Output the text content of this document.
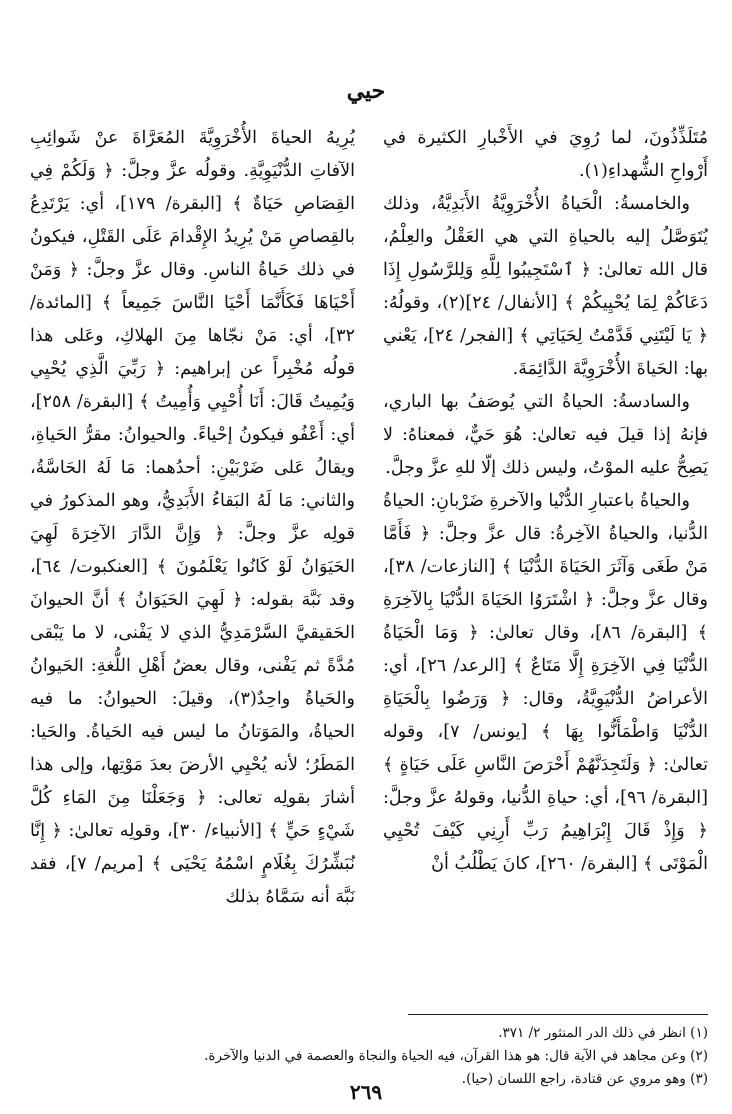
حيي

مُتَلَذِّذُونَ، لما رُوِيَ في الأَخْبارِ الكثيرة في أَرْواحِ الشُّهداءِ(١).

والخامسةُ: الْحَياةُ الأُخْرَوِيَّةُ الأَبَدِيَّةُ، وذلك يُتَوَصَّلُ إليه بالحياةِ التي هي العَقْلُ والعِلْمُ، قال الله تعالىٰ: ﴿ ٱسْتَجِيبُوا لِلَّهِ وَلِلرَّسُولِ إِذَا دَعَاكُمْ لِمَا يُحْيِيكُمْ ﴾ [الأنفال/ ٢٤](٢)، وقولُهُ: ﴿ يَا لَيْتَنِي قَدَّمْتُ لِحَيَاتِي ﴾ [الفجر/ ٢٤]، يَعْني بها: الحَياةَ الأُخْرَوِيَّةَ الدَّائِمَةَ.

والسادسةُ: الحياةُ التي يُوصَفُ بها الباري، فإنهُ إذا قيلَ فيه تعالىٰ: هُوَ حَيٌّ، فمعناهُ: لا يَصِحُّ عليه الموْتُ، وليس ذلك إلّا للهِ عزَّ وجلَّ.

والحياةُ باعتبارِ الدُّنْيا والآخرةِ ضَرْبانِ: الحياةُ الدُّنيا، والحياةُ الآخِرةُ: قال عزَّ وجلَّ: ﴿ فَأَمَّا مَنْ طَغَى وَآثَرَ الحَيَاةَ الدُّنْيَا ﴾ [النازعات/ ٣٨]، وقال عزَّ وجلَّ: ﴿ اشْتَرَوُا الحَيَاةَ الدُّنْيَا بِالآخِرَةِ ﴾ [البقرة/ ٨٦]، وقال تعالىٰ: ﴿ وَمَا الْحَيَاةُ الدُّنْيَا فِي الآخِرَةِ إِلَّا مَتَاعٌ ﴾ [الرعد/ ٢٦]، أي: الأعراضُ الدُّنْيَوِيَّةُ، وقال: ﴿ وَرَضُوا بِالْحَيَاةِ الدُّنْيَا وَاطْمَأَنُّوا بِهَا ﴾ [يونس/ ٧]، وقوله تعالىٰ: ﴿ وَلَتَجِدَنَّهُمْ أَحْرَصَ النَّاسِ عَلَى حَيَاةٍ ﴾ [البقرة/ ٩٦]، أي: حياةِ الدُّنيا، وقولهُ عزَّ وجلَّ: ﴿ وَإِذْ قَالَ إِبْرَاهِيمُ رَبِّ أَرِنِي كَيْفَ تُحْيِي الْمَوْتَى ﴾ [البقرة/ ٢٦٠]، كانَ يَطْلُبُ أنْ

يُرِيهُ الحياةَ الأُخْرَوِيَّةَ المُعَرَّاةَ عنْ شَوائِبِ الآفاتِ الدُّنْيَوِيَّةِ. وقولُه عزَّ وجلَّ: ﴿ وَلَكُمْ فِي القِصَاصِ حَيَاةٌ ﴾ [البقرة/ ١٧٩]، أي: يَرْتَدِعُ بالقِصاصِ مَنْ يُرِيدُ الإِقْدامَ عَلَى القَتْلِ، فيكونُ في ذلك حَياةُ الناسِ. وقال عزَّ وجلَّ: ﴿ وَمَنْ أَحْيَاهَا فَكَأَنَّمَا أَحْيَا النَّاسَ جَمِيعاً ﴾ [المائدة/ ٣٢]، أي: مَنْ نجّاها مِنَ الهلاكِ، وعَلى هذا قولُه مُخْبِراً عن إبراهيم: ﴿ رَبِّيَ الَّذِي يُحْيِي وَيُمِيتُ قَالَ: أَنَا أُحْيِي وَأُمِيتُ ﴾ [البقرة/ ٢٥٨]، أي: أَعْفُو فيكونُ إحْياءً. والحيوانُ: مقرُّ الحَياةِ، ويقالُ عَلى ضَرْبَيْنِ: أحدُهما: مَا لَهُ الحَاسَّةُ، والثاني: مَا لَهُ البَقاءُ الأَبَدِيُّ، وهو المذكورُ في قولِه عزَّ وجلَّ: ﴿ وَإِنَّ الدَّارَ الآخِرَةَ لَهِيَ الحَيَوَانُ لَوْ كَانُوا يَعْلَمُونَ ﴾ [العنكبوت/ ٦٤]، وقد نَبَّهَ بقوله: ﴿ لَهِيَ الحَيَوَانُ ﴾ أنَّ الحيوانَ الحَقيقيَّ السَّرْمَدِيُّ الذي لا يَفْنى، لا ما يَبْقى مُدَّةً ثم يَفْنى، وقال بعضُ أَهْلِ اللُّغةِ: الحَيوانُ والحَياةُ واحِدٌ(٣)، وقيلَ: الحيوانُ: ما فيه الحياةُ، والمَوَتانُ ما ليس فيه الحَياةُ. والحَيا: المَطَرُ؛ لأنه يُحْيِي الأرضَ بعدَ مَوْتِها، وإلى هذا أشارَ بقولِه تعالى: ﴿ وَجَعَلْنَا مِنَ المَاءِ كُلَّ شَيْءٍ حَيٍّ ﴾ [الأنبياء/ ٣٠]، وقولِه تعالىٰ: ﴿ إِنَّا نُبَشِّرُكَ بِغُلَامٍ اسْمُهُ يَحْيَى ﴾ [مريم/ ٧]، فقد نَبَّهَ أنه سَمَّاهُ بذلك

(١) انظر في ذلك الدر المنثور ٢/ ٣٧١.
(٢) وعن مجاهد في الآية قال: هو هذا القرآن، فيه الحياة والنجاة والعصمة في الدنيا والآخرة.
(٣) وهو مروي عن قتادة، راجع اللسان (حيا).
٢٦٩
